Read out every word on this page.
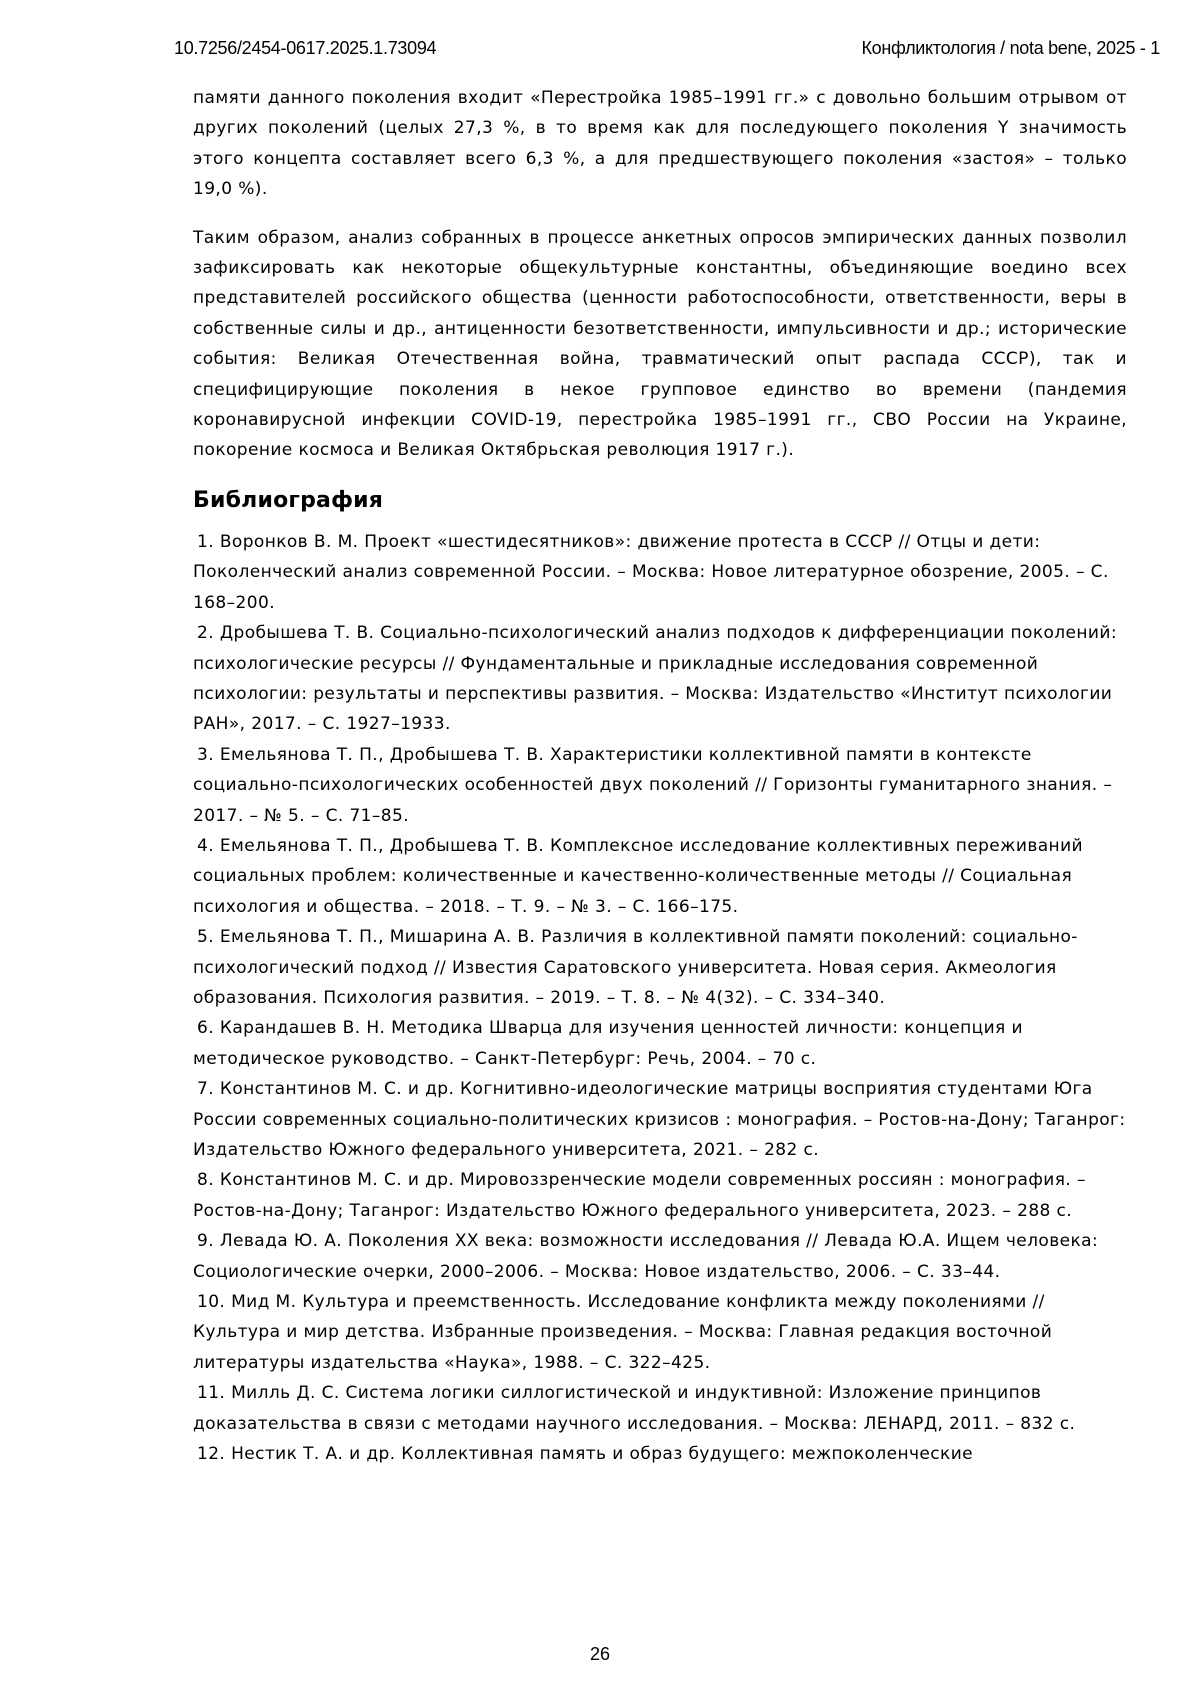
10.7256/2454-0617.2025.1.73094	Конфликтология / nota bene, 2025 - 1

памяти данного поколения входит «Перестройка 1985–1991 гг.» с довольно большим отрывом от других поколений (целых 27,3 %, в то время как для последующего поколения Y значимость этого концепта составляет всего 6,3 %, а для предшествующего поколения «застоя» – только 19,0 %).

Таким образом, анализ собранных в процессе анкетных опросов эмпирических данных позволил зафиксировать как некоторые общекультурные константны, объединяющие воедино всех представителей российского общества (ценности работоспособности, ответственности, веры в собственные силы и др., антиценности безответственности, импульсивности и др.; исторические события: Великая Отечественная война, травматический опыт распада СССР), так и специфицирующие поколения в некое групповое единство во времени (пандемия коронавирусной инфекции COVID-19, перестройка 1985–1991 гг., СВО России на Украине, покорение космоса и Великая Октябрьская революция 1917 г.).

Библиография
1. Воронков В. М. Проект «шестидесятников»: движение протеста в СССР // Отцы и дети: Поколенческий анализ современной России. – Москва: Новое литературное обозрение, 2005. – С. 168–200.
2. Дробышева Т. В. Социально-психологический анализ подходов к дифференциации поколений: психологические ресурсы // Фундаментальные и прикладные исследования современной психологии: результаты и перспективы развития. – Москва: Издательство «Институт психологии РАН», 2017. – С. 1927–1933.
3. Емельянова Т. П., Дробышева Т. В. Характеристики коллективной памяти в контексте социально-психологических особенностей двух поколений // Горизонты гуманитарного знания. – 2017. – № 5. – С. 71–85.
4. Емельянова Т. П., Дробышева Т. В. Комплексное исследование коллективных переживаний социальных проблем: количественные и качественно-количественные методы // Социальная психология и общества. – 2018. – Т. 9. – № 3. – С. 166–175.
5. Емельянова Т. П., Мишарина А. В. Различия в коллективной памяти поколений: социально-психологический подход // Известия Саратовского университета. Новая серия. Акмеология образования. Психология развития. – 2019. – Т. 8. – № 4(32). – С. 334–340.
6. Карандашев В. Н. Методика Шварца для изучения ценностей личности: концепция и методическое руководство. – Санкт-Петербург: Речь, 2004. – 70 с.
7. Константинов М. С. и др. Когнитивно-идеологические матрицы восприятия студентами Юга России современных социально-политических кризисов : монография. – Ростов-на-Дону; Таганрог: Издательство Южного федерального университета, 2021. – 282 с.
8. Константинов М. С. и др. Мировоззренческие модели современных россиян : монография. – Ростов-на-Дону; Таганрог: Издательство Южного федерального университета, 2023. – 288 с.
9. Левада Ю. А. Поколения XX века: возможности исследования // Левада Ю.А. Ищем человека: Социологические очерки, 2000–2006. – Москва: Новое издательство, 2006. – С. 33–44.
10. Мид М. Культура и преемственность. Исследование конфликта между поколениями // Культура и мир детства. Избранные произведения. – Москва: Главная редакция восточной литературы издательства «Наука», 1988. – С. 322–425.
11. Милль Д. С. Система логики силлогистической и индуктивной: Изложение принципов доказательства в связи с методами научного исследования. – Москва: ЛЕНАРД, 2011. – 832 с.
12. Нестик Т. А. и др. Коллективная память и образ будущего: межпоколенческие
26
